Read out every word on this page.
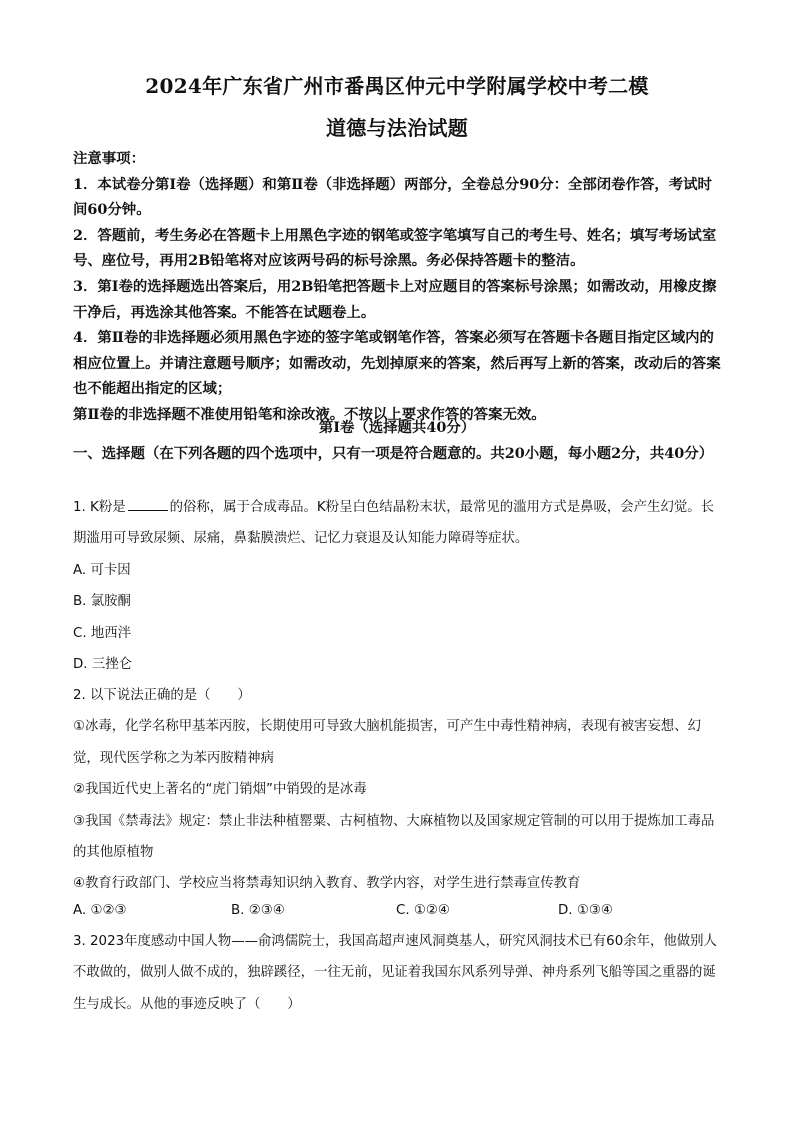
2024年广东省广州市番禺区仲元中学附属学校中考二模
道德与法治试题

注意事项：

1．本试卷分第Ⅰ卷（选择题）和第Ⅱ卷（非选择题）两部分，全卷总分90分：全部闭卷作答，考试时间60分钟。

2．答题前，考生务必在答题卡上用黑色字迹的钢笔或签字笔填写自己的考生号、姓名；填写考场试室号、座位号，再用2B铅笔将对应该两号码的标号涂黑。务必保持答题卡的整洁。

3．第Ⅰ卷的选择题选出答案后，用2B铅笔把答题卡上对应题目的答案标号涂黑；如需改动，用橡皮擦干净后，再选涂其他答案。不能答在试题卷上。

4．第Ⅱ卷的非选择题必须用黑色字迹的签字笔或钢笔作答，答案必须写在答题卡各题目指定区域内的相应位置上。并请注意题号顺序；如需改动，先划掉原来的答案，然后再写上新的答案，改动后的答案也不能超出指定的区域；

第Ⅱ卷的非选择题不准使用铅笔和涂改液。不按以上要求作答的答案无效。

第Ⅰ卷（选择题共40分）
一、选择题（在下列各题的四个选项中，只有一项是符合题意的。共20小题，每小题2分，共40分）

1. K粉是	的俗称，属于合成毒品。K粉呈白色结晶粉末状，最常见的滥用方式是鼻吸，会产生幻觉。长期滥用可导致尿频、尿痛，鼻黏膜溃烂、记忆力衰退及认知能力障碍等症状。

A. 可卡因

B. 氯胺酮

C. 地西泮

D. 三挫仑

2. 以下说法正确的是（　　）

①冰毒，化学名称甲基苯丙胺，长期使用可导致大脑机能损害，可产生中毒性精神病，表现有被害妄想、幻觉，现代医学称之为苯丙胺精神病

②我国近代史上著名的“虎门销烟”中销毁的是冰毒

③我国《禁毒法》规定：禁止非法种植罂粟、古柯植物、大麻植物以及国家规定管制的可以用于提炼加工毒品的其他原植物

④教育行政部门、学校应当将禁毒知识纳入教育、教学内容，对学生进行禁毒宣传教育

A. ①②③	B. ②③④	C. ①②④	D. ①③④

3. 2023年度感动中国人物——俞鸿儒院士，我国高超声速风洞奠基人，研究风洞技术已有60余年，他做别人不敢做的，做别人做不成的，独辟蹊径，一往无前，见证着我国东风系列导弹、神舟系列飞船等国之重器的诞生与成长。从他的事迹反映了（　　）
